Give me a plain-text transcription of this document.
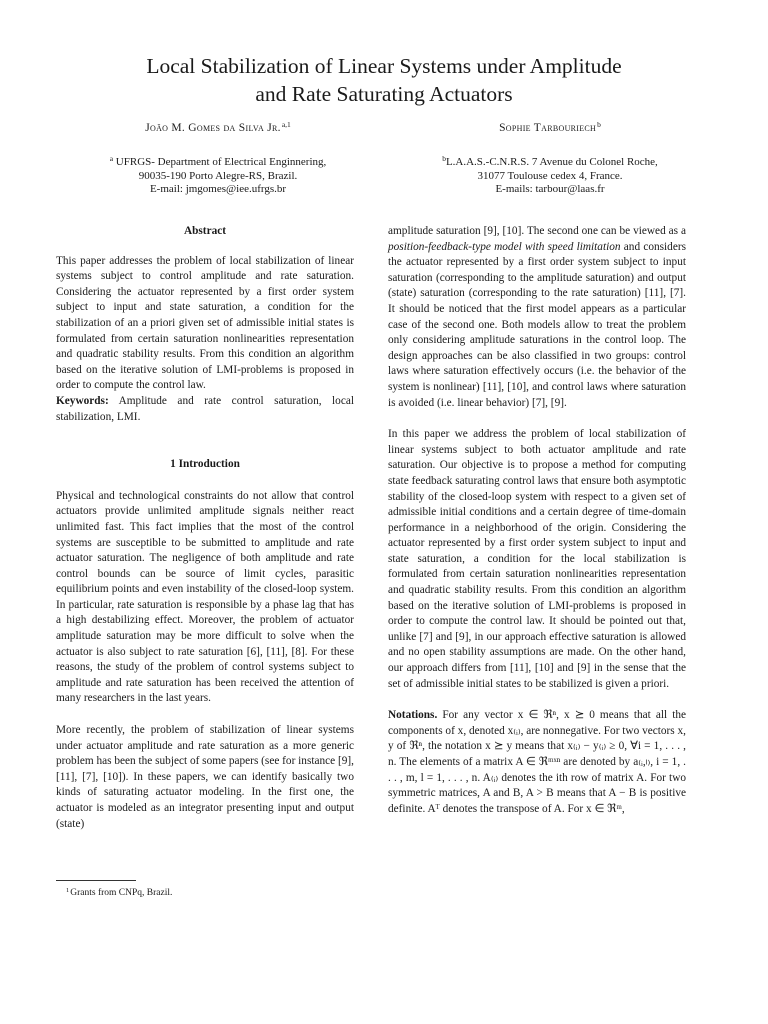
Local Stabilization of Linear Systems under Amplitude
and Rate Saturating Actuators
João M. Gomes da Silva Jr.$^{a,1}$	Sophie Tarbouriech$^b$
$^a$ UFRGS- Department of Electrical Enginnering,
90035-190 Porto Alegre-RS, Brazil.
E-mail: jmgomes@iee.ufrgs.br
$^b$L.A.A.S.-C.N.R.S. 7 Avenue du Colonel Roche,
31077 Toulouse cedex 4, France.
E-mails: tarbour@laas.fr

Abstract

This paper addresses the problem of local stabilization of linear systems subject to control amplitude and rate saturation. Considering the actuator represented by a first order system subject to input and state saturation, a condition for the stabilization of an a priori given set of admissible initial states is formulated from certain saturation nonlinearities representation and quadratic stability results. From this condition an algorithm based on the iterative solution of LMI-problems is proposed in order to compute the control law.

Keywords: Amplitude and rate control saturation, local stabilization, LMI.

1 Introduction

Physical and technological constraints do not allow that control actuators provide unlimited amplitude signals neither react unlimited fast. This fact implies that the most of the control systems are susceptible to be submitted to amplitude and rate actuator saturation. The negligence of both amplitude and rate control bounds can be source of limit cycles, parasitic equilibrium points and even instability of the closed-loop system. In particular, rate saturation is responsible by a phase lag that has a high destabilizing effect. Moreover, the problem of actuator amplitude saturation may be more difficult to solve when the actuator is also subject to rate saturation [6], [11], [8]. For these reasons, the study of the problem of control systems subject to amplitude and rate saturation has been received the attention of many researchers in the last years.

More recently, the problem of stabilization of linear systems under actuator amplitude and rate saturation as a more generic problem has been the subject of some papers (see for instance [9], [11], [7], [10]). In these papers, we can identify basically two kinds of saturating actuator modeling. In the first one, the actuator is modeled as an integrator presenting input and output (state)

$^1$Grants from CNPq, Brazil.

amplitude saturation [9], [10]. The second one can be viewed as a position-feedback-type model with speed limitation and considers the actuator represented by a first order system subject to input saturation (corresponding to the amplitude saturation) and output (state) saturation (corresponding to the rate saturation) [11], [7]. It should be noticed that the first model appears as a particular case of the second one. Both models allow to treat the problem only considering amplitude saturations in the control loop. The design approaches can be also classified in two groups: control laws where saturation effectively occurs (i.e. the behavior of the system is nonlinear) [11], [10], and control laws where saturation is avoided (i.e. linear behavior) [7], [9].

In this paper we address the problem of local stabilization of linear systems subject to both actuator amplitude and rate saturation. Our objective is to propose a method for computing state feedback saturating control laws that ensure both asymptotic stability of the closed-loop system with respect to a given set of admissible initial conditions and a certain degree of time-domain performance in a neighborhood of the origin. Considering the actuator represented by a first order system subject to input and state saturation, a condition for the local stabilization is formulated from certain saturation nonlinearities representation and quadratic stability results. From this condition an algorithm based on the iterative solution of LMI-problems is proposed in order to compute the control law. It should be pointed out that, unlike [7] and [9], in our approach effective saturation is allowed and no open stability assumptions are made. On the other hand, our approach differs from [11], [10] and [9] in the sense that the set of admissible initial states to be stabilized is given a priori.

Notations. For any vector x ∈ ℜⁿ, x ⪰ 0 means that all the components of x, denoted x₍ᵢ₎, are nonnegative. For two vectors x, y of ℜⁿ, the notation x ⪰ y means that x₍ᵢ₎ − y₍ᵢ₎ ≥ 0, ∀i = 1, . . . , n. The elements of a matrix A ∈ ℜᵐˣⁿ are denoted by a₍ᵢ,ₗ₎, i = 1, . . . , m, l = 1, . . . , n. A₍ᵢ₎ denotes the ith row of matrix A. For two symmetric matrices, A and B, A > B means that A − B is positive definite. Aᵀ denotes the transpose of A. For x ∈ ℜᵐ,
